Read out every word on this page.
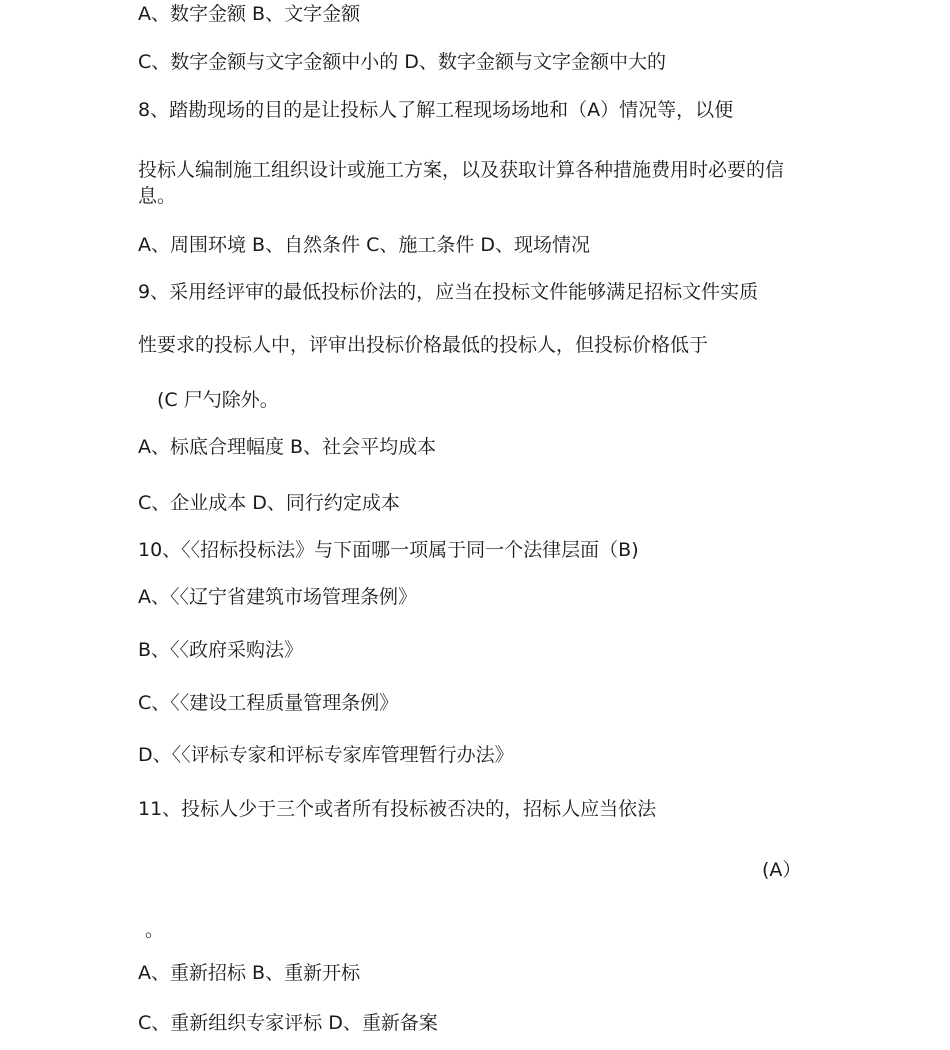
A、数字金额 B、文字金额
C、数字金额与文字金额中小的 D、数字金额与文字金额中大的
8、踏勘现场的目的是让投标人了解工程现场场地和（A）情况等，以便
投标人编制施工组织设计或施工方案，以及获取计算各种措施费用时必要的信息。
A、周围环境 B、自然条件 C、施工条件 D、现场情况
9、采用经评审的最低投标价法的，应当在投标文件能够满足招标文件实质
性要求的投标人中，评审出投标价格最低的投标人，但投标价格低于
(C 尸勺除外。
A、标底合理幅度 B、社会平均成本
C、企业成本 D、同行约定成本
10、〈〈招标投标法》与下面哪一项属于同一个法律层面（B)
A、〈〈辽宁省建筑市场管理条例》
B、〈〈政府采购法》
C、〈〈建设工程质量管理条例》
D、〈〈评标专家和评标专家库管理暂行办法》
11、投标人少于三个或者所有投标被否决的，招标人应当依法
(A）
。
A、重新招标 B、重新开标
C、重新组织专家评标 D、重新备案
